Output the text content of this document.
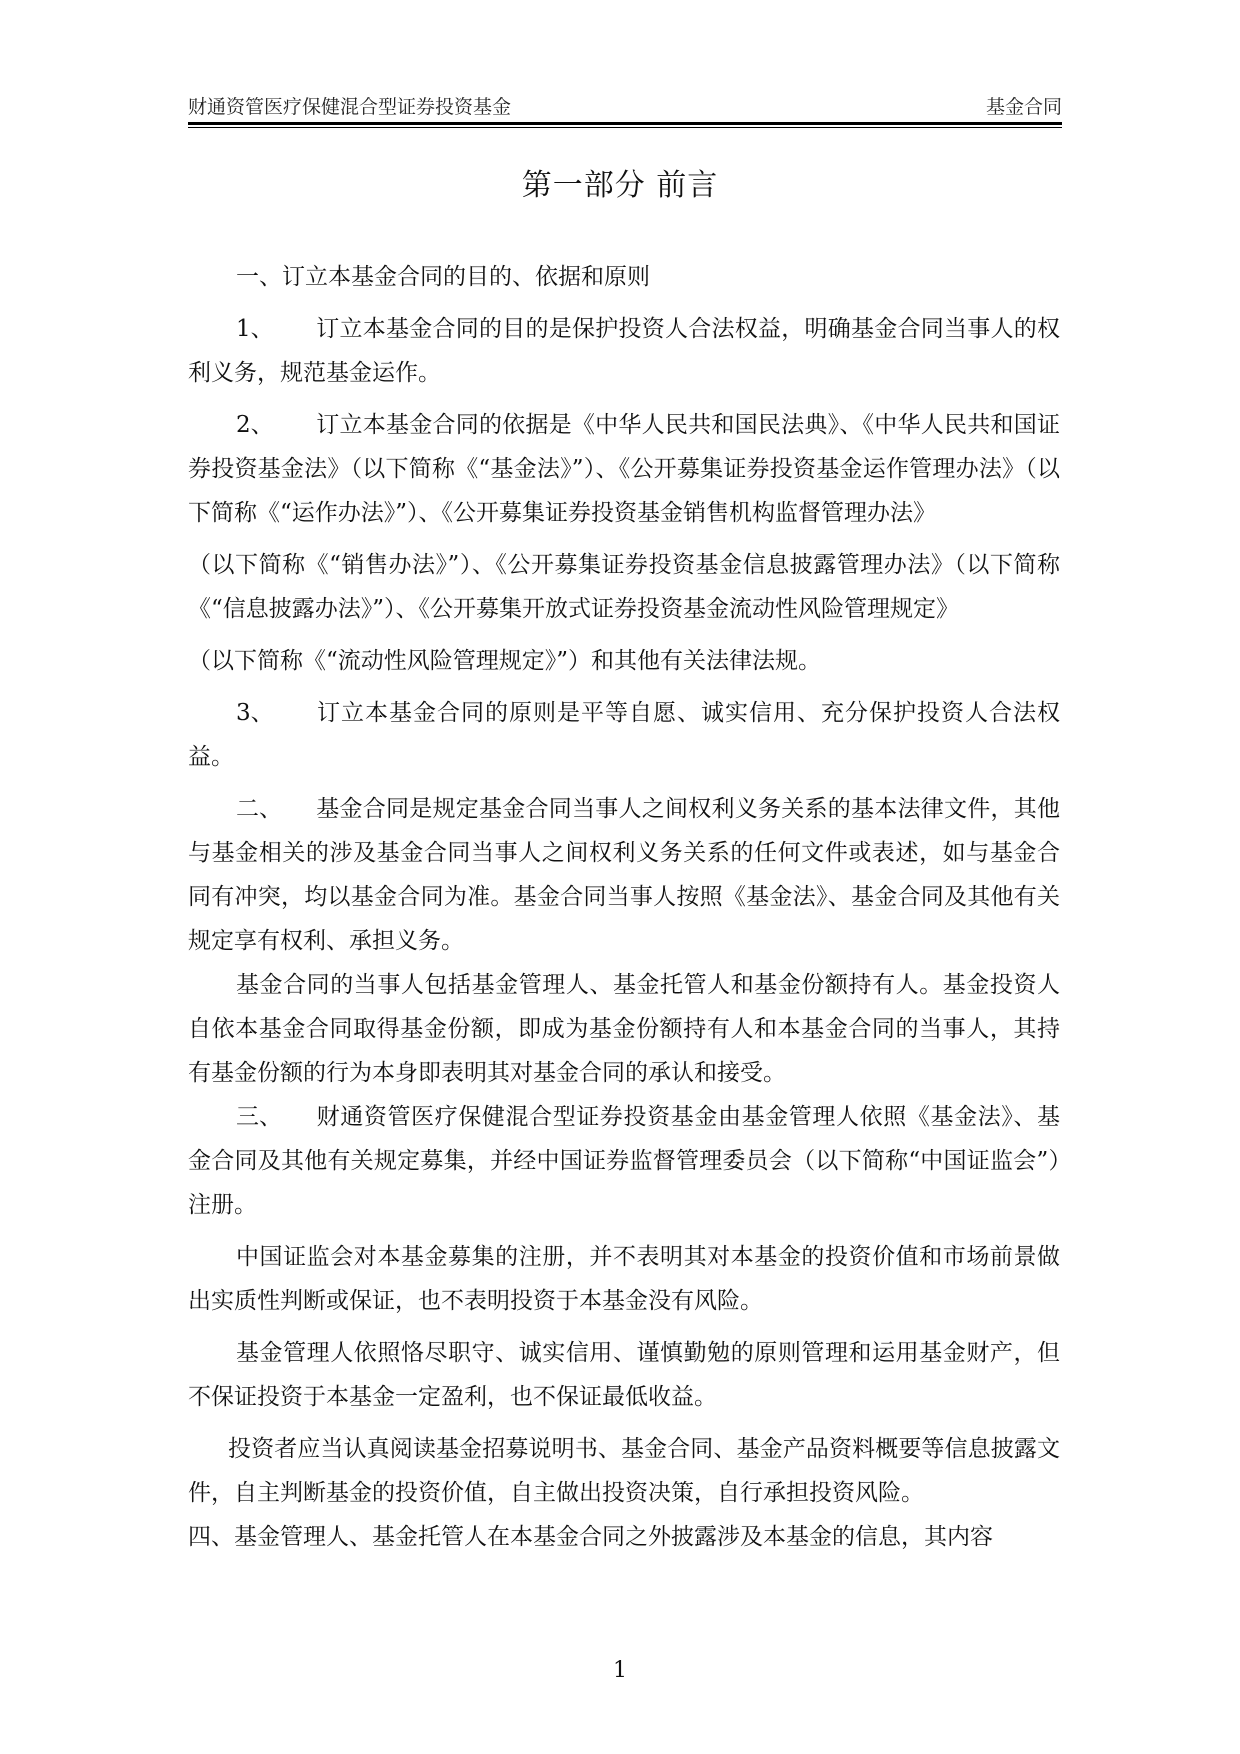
财通资管医疗保健混合型证券投资基金	基金合同
第一部分 前言

一、订立本基金合同的目的、依据和原则

1、 订立本基金合同的目的是保护投资人合法权益，明确基金合同当事人的权利义务，规范基金运作。

2、 订立本基金合同的依据是《中华人民共和国民法典》、《中华人民共和国证券投资基金法》（以下简称《“基金法》”）、《公开募集证券投资基金运作管理办法》（以下简称《“运作办法》”）、《公开募集证券投资基金销售机构监督管理办法》

（以下简称《“销售办法》”）、《公开募集证券投资基金信息披露管理办法》（以下简称《“信息披露办法》”）、《公开募集开放式证券投资基金流动性风险管理规定》

（以下简称《“流动性风险管理规定》”）和其他有关法律法规。

3、 订立本基金合同的原则是平等自愿、诚实信用、充分保护投资人合法权益。

二、 基金合同是规定基金合同当事人之间权利义务关系的基本法律文件，其他与基金相关的涉及基金合同当事人之间权利义务关系的任何文件或表述，如与基金合同有冲突，均以基金合同为准。基金合同当事人按照《基金法》、基金合同及其他有关规定享有权利、承担义务。

基金合同的当事人包括基金管理人、基金托管人和基金份额持有人。基金投资人自依本基金合同取得基金份额，即成为基金份额持有人和本基金合同的当事人，其持有基金份额的行为本身即表明其对基金合同的承认和接受。

三、 财通资管医疗保健混合型证券投资基金由基金管理人依照《基金法》、基金合同及其他有关规定募集，并经中国证券监督管理委员会（以下简称“中国证监会”）注册。

中国证监会对本基金募集的注册，并不表明其对本基金的投资价值和市场前景做出实质性判断或保证，也不表明投资于本基金没有风险。

基金管理人依照恪尽职守、诚实信用、谨慎勤勉的原则管理和运用基金财产，但不保证投资于本基金一定盈利，也不保证最低收益。

投资者应当认真阅读基金招募说明书、基金合同、基金产品资料概要等信息披露文件，自主判断基金的投资价值，自主做出投资决策，自行承担投资风险。

四、基金管理人、基金托管人在本基金合同之外披露涉及本基金的信息，其内容

1
